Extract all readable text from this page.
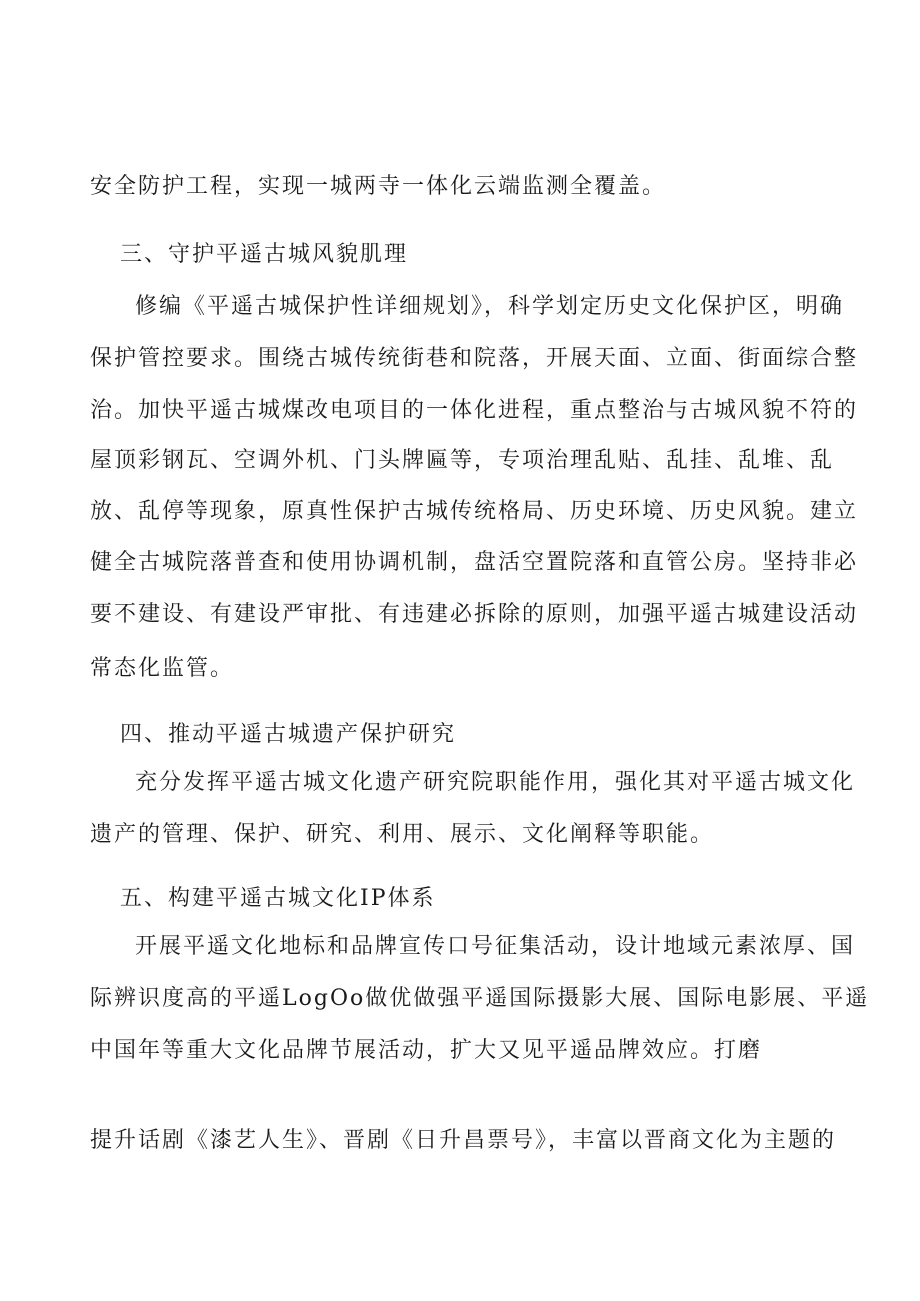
安全防护工程，实现一城两寺一体化云端监测全覆盖。
三、守护平遥古城风貌肌理
修编《平遥古城保护性详细规划》，科学划定历史文化保护区，明确
保护管控要求。围绕古城传统街巷和院落，开展天面、立面、街面综合整
治。加快平遥古城煤改电项目的一体化进程，重点整治与古城风貌不符的
屋顶彩钢瓦、空调外机、门头牌匾等，专项治理乱贴、乱挂、乱堆、乱
放、乱停等现象，原真性保护古城传统格局、历史环境、历史风貌。建立
健全古城院落普查和使用协调机制，盘活空置院落和直管公房。坚持非必
要不建设、有建设严审批、有违建必拆除的原则，加强平遥古城建设活动
常态化监管。
四、推动平遥古城遗产保护研究
充分发挥平遥古城文化遗产研究院职能作用，强化其对平遥古城文化
遗产的管理、保护、研究、利用、展示、文化阐释等职能。
五、构建平遥古城文化IP体系
开展平遥文化地标和品牌宣传口号征集活动，设计地域元素浓厚、国
际辨识度高的平遥LogOo做优做强平遥国际摄影大展、国际电影展、平遥
中国年等重大文化品牌节展活动，扩大又见平遥品牌效应。打磨
提升话剧《漆艺人生》、晋剧《日升昌票号》，丰富以晋商文化为主题的
